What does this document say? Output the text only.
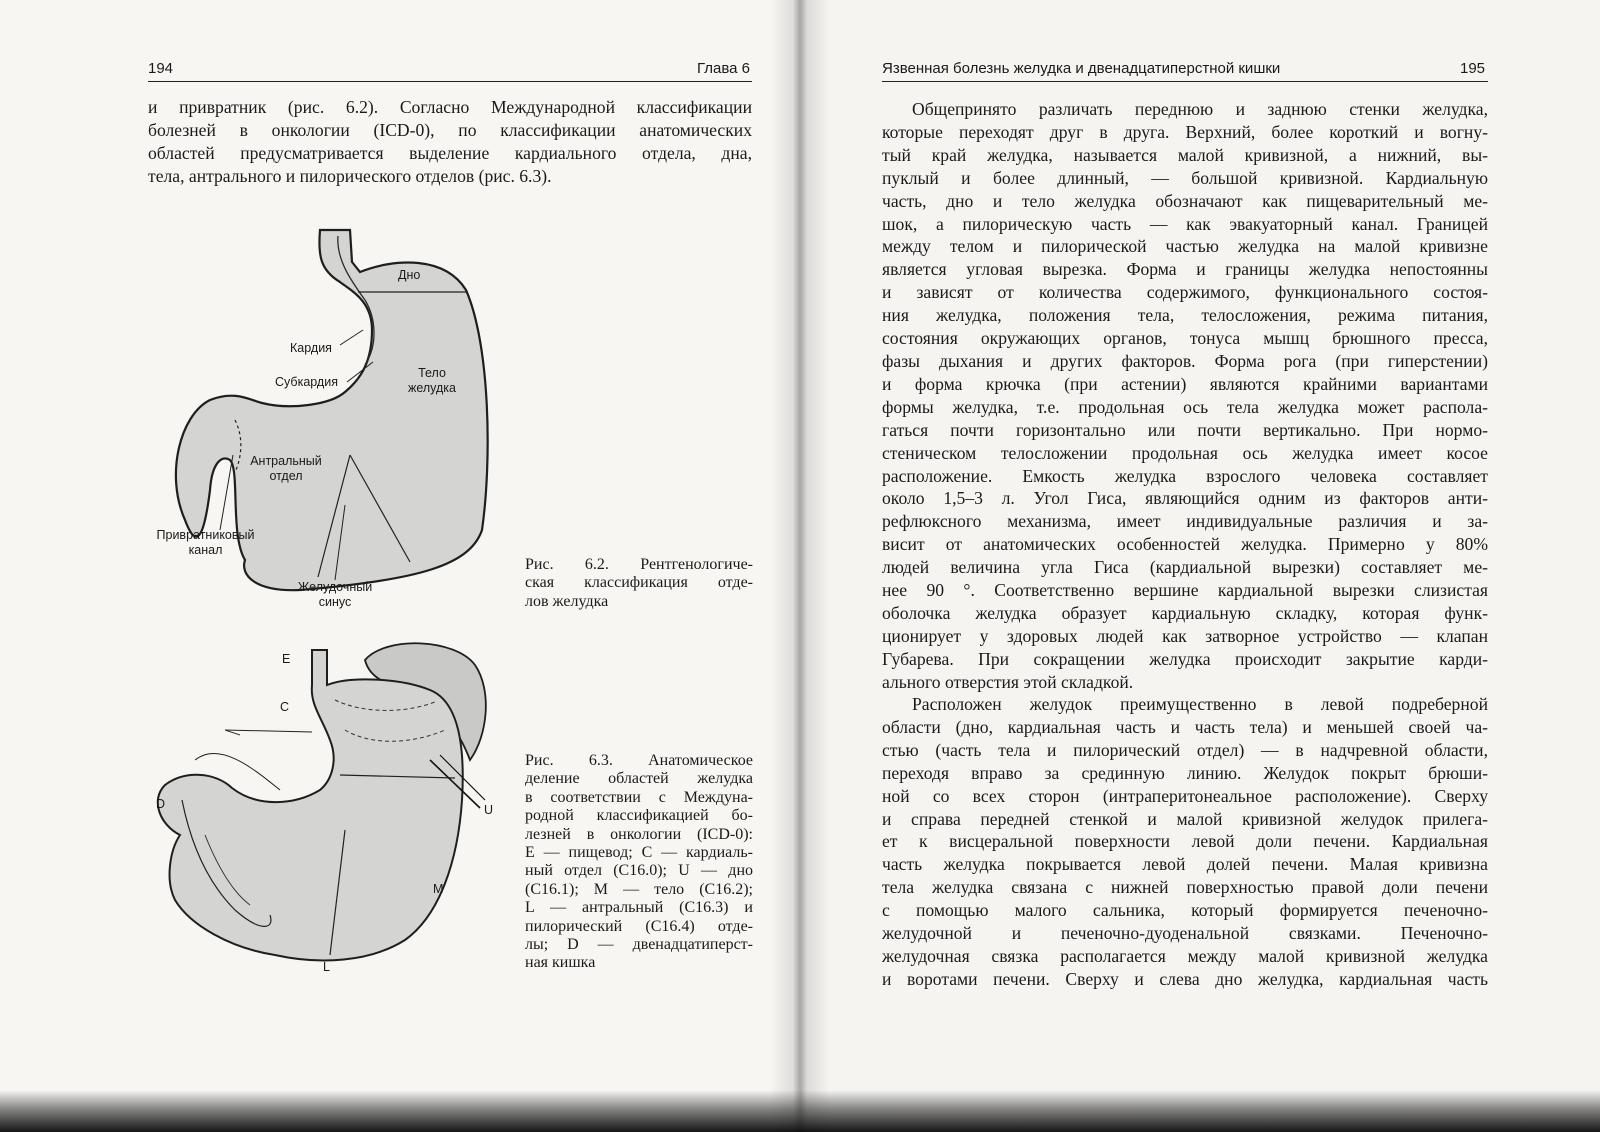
194	Глава 6
и привратник (рис. 6.2). Согласно Международной классификации
болезней в онкологии (ICD-0), по классификации анатомических
областей предусматривается выделение кардиального отдела, дна,
тела, антрального и пилорического отделов (рис. 6.3).
Дно
Кардия
Субкардия
Тело
желудка
Антральный
отдел
Привратниковый
канал
Желудочный
синус
Рис. 6.2. Рентгенологиче-
ская классификация отде-
лов желудка
E
C
D	U
M
L
Рис. 6.3. Анатомическое
деление областей желудка
в соответствии с Междуна-
родной классификацией бо-
лезней в онкологии (ICD-0):
E — пищевод; C — кардиаль-
ный отдел (C16.0); U — дно
(C16.1); M — тело (C16.2);
L — антральный (C16.3) и
пилорический (C16.4) отде-
лы; D — двенадцатиперст-
ная кишка
Язвенная болезнь желудка и двенадцатиперстной кишки	195
Общепринято различать переднюю и заднюю стенки желудка,
которые переходят друг в друга. Верхний, более короткий и вогну-
тый край желудка, называется малой кривизной, а нижний, вы-
пуклый и более длинный, — большой кривизной. Кардиальную
часть, дно и тело желудка обозначают как пищеварительный ме-
шок, а пилорическую часть — как эвакуаторный канал. Границей
между телом и пилорической частью желудка на малой кривизне
является угловая вырезка. Форма и границы желудка непостоянны
и зависят от количества содержимого, функционального состоя-
ния желудка, положения тела, телосложения, режима питания,
состояния окружающих органов, тонуса мышц брюшного пресса,
фазы дыхания и других факторов. Форма рога (при гиперстении)
и форма крючка (при астении) являются крайними вариантами
формы желудка, т.е. продольная ось тела желудка может распола-
гаться почти горизонтально или почти вертикально. При нормо-
стеническом телосложении продольная ось желудка имеет косое
расположение. Емкость желудка взрослого человека составляет
около 1,5–3 л. Угол Гиса, являющийся одним из факторов анти-
рефлюксного механизма, имеет индивидуальные различия и за-
висит от анатомических особенностей желудка. Примерно у 80%
людей величина угла Гиса (кардиальной вырезки) составляет ме-
нее 90 °. Соответственно вершине кардиальной вырезки слизистая
оболочка желудка образует кардиальную складку, которая функ-
ционирует у здоровых людей как затворное устройство — клапан
Губарева. При сокращении желудка происходит закрытие карди-
ального отверстия этой складкой.
Расположен желудок преимущественно в левой подреберной
области (дно, кардиальная часть и часть тела) и меньшей своей ча-
стью (часть тела и пилорический отдел) — в надчревной области,
переходя вправо за срединную линию. Желудок покрыт брюши-
ной со всех сторон (интраперитонеальное расположение). Сверху
и справа передней стенкой и малой кривизной желудок прилега-
ет к висцеральной поверхности левой доли печени. Кардиальная
часть желудка покрывается левой долей печени. Малая кривизна
тела желудка связана с нижней поверхностью правой доли печени
с помощью малого сальника, который формируется печеночно-
желудочной и печеночно-дуоденальной связками. Печеночно-
желудочная связка располагается между малой кривизной желудка
и воротами печени. Сверху и слева дно желудка, кардиальная часть
